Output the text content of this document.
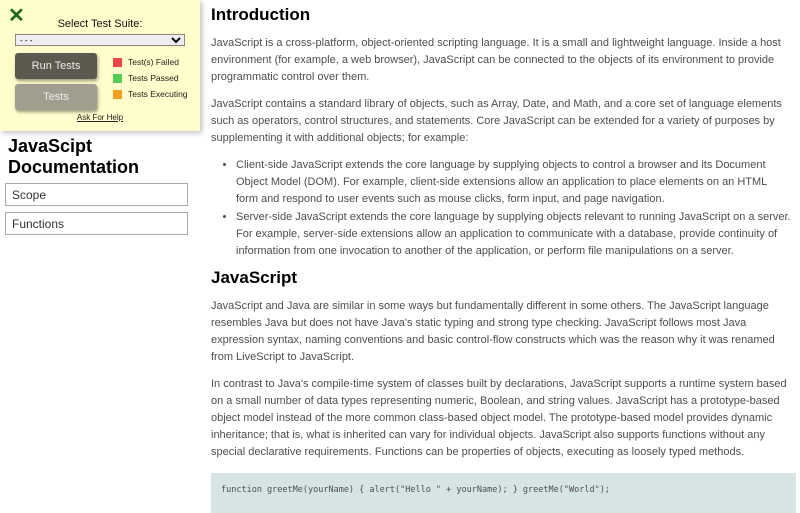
JavaScipt Documentation
Scope
Functions
Introduction

JavaScript is a cross-platform, object-oriented scripting language. It is a small and lightweight language. Inside a host environment (for example, a web browser), JavaScript can be connected to the objects of its environment to provide programmatic control over them.

JavaScript contains a standard library of objects, such as Array, Date, and Math, and a core set of language elements such as operators, control structures, and statements. Core JavaScript can be extended for a variety of purposes by supplementing it with additional objects; for example:

• Client-side JavaScript extends the core language by supplying objects to control a browser and its Document Object Model (DOM). For example, client-side extensions allow an application to place elements on an HTML form and respond to user events such as mouse clicks, form input, and page navigation.
• Server-side JavaScript extends the core language by supplying objects relevant to running JavaScript on a server. For example, server-side extensions allow an application to communicate with a database, provide continuity of information from one invocation to another of the application, or perform file manipulations on a server.
JavaScript

JavaScript and Java are similar in some ways but fundamentally different in some others. The JavaScript language resembles Java but does not have Java's static typing and strong type checking. JavaScript follows most Java expression syntax, naming conventions and basic control-flow constructs which was the reason why it was renamed from LiveScript to JavaScript.

In contrast to Java's compile-time system of classes built by declarations, JavaScript supports a runtime system based on a small number of data types representing numeric, Boolean, and string values. JavaScript has a prototype-based object model instead of the more common class-based object model. The prototype-based model provides dynamic inheritance; that is, what is inherited can vary for individual objects. JavaScript also supports functions without any special declarative requirements. Functions can be properties of objects, executing as loosely typed methods.

function greetMe(yourName) { alert("Hello " + yourName); } greetMe("World");
✕	Select Test Suite:
- - -
Run Tests
Tests
Test(s) Failed
Tests Passed
Tests Executing
Ask For Help
